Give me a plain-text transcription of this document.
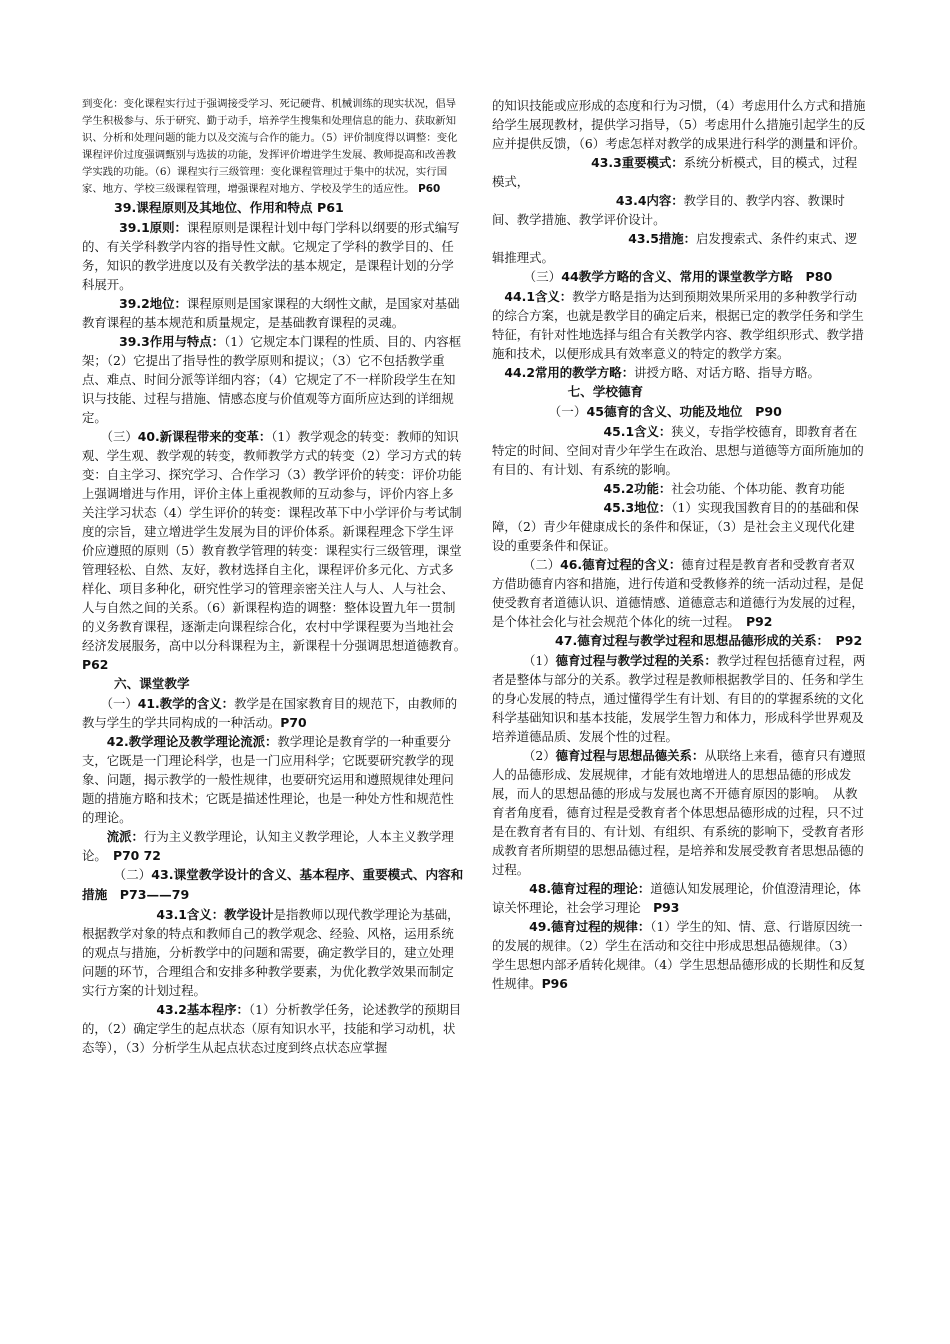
到变化：变化课程实行过于强调接受学习、死记硬背、机械训练的现实状况，倡导学生积极参与、乐于研究、勤于动手，培养学生搜集和处理信息的能力、获取新知识、分析和处理问题的能力以及交流与合作的能力。（5）评价制度得以调整：变化课程评价过度强调甄别与选拔的功能，发挥评价增进学生发展、教师提高和改善教学实践的功能。（6）课程实行三级管理：变化课程管理过于集中的状况，实行国家、地方、学校三级课程管理，增强课程对地方、学校及学生的适应性。 P60

39.课程原则及其地位、作用和特点 P61

　　　39.1原则：课程原则是课程计划中每门学科以纲要的形式编写的、有关学科教学内容的指导性文献。它规定了学科的教学目的、任务，知识的教学进度以及有关教学法的基本规定，是课程计划的分学科展开。

　　　39.2地位：课程原则是国家课程的大纲性文献，是国家对基础教育课程的基本规范和质量规定，是基础教育课程的灵魂。

　　　39.3作用与特点：（1）它规定本门课程的性质、目的、内容框架；（2）它提出了指导性的教学原则和提议；（3）它不包括教学重点、难点、时间分派等详细内容；（4）它规定了不一样阶段学生在知识与技能、过程与措施、情感态度与价值观等方面所应达到的详细规定。

　　（三）40.新课程带来的变革：（1）教学观念的转变：教师的知识观、学生观、教学观的转变，教师教学方式的转变（2）学习方式的转变：自主学习、探究学习、合作学习（3）教学评价的转变：评价功能上强调增进与作用，评价主体上重视教师的互动参与，评价内容上多关注学习状态（4）学生评价的转变：课程改革下中小学评价与考试制度的宗旨，建立增进学生发展为目的评价体系。新课程理念下学生评价应遵照的原则（5）教育教学管理的转变：课程实行三级管理，课堂管理轻松、自然、友好，教材选择自主化，课程评价多元化、方式多样化、项目多种化，研究性学习的管理亲密关注人与人、人与社会、人与自然之间的关系。（6）新课程构造的调整：整体设置九年一贯制的义务教育课程，逐渐走向课程综合化，农村中学课程要为当地社会经济发展服务，高中以分科课程为主，新课程十分强调思想道德教育。　P62

六、课堂教学

　　（一）41.教学的含义：教学是在国家教育目的规范下，由教师的教与学生的学共同构成的一种活动。P70

　　42.教学理论及教学理论流派：教学理论是教育学的一种重要分支，它既是一门理论科学，也是一门应用科学；它既要研究教学的现象、问题，揭示教学的一般性规律，也要研究运用和遵照规律处理问题的措施方略和技术；它既是描述性理论，也是一种处方性和规范性的理论。

　　流派：行为主义教学理论，认知主义教学理论，人本主义教学理论。　P70 72

　　　（二）43.课堂教学设计的含义、基本程序、重要模式、内容和措施　P73——79

　　　　　　43.1含义：教学设计是指教师以现代教学理论为基础，根据教学对象的特点和教师自己的教学观念、经验、风格，运用系统的观点与措施，分析教学中的问题和需要，确定教学目的，建立处理问题的环节，合理组合和安排多种教学要素，为优化教学效果而制定实行方案的计划过程。

　　　　　　43.2基本程序：（1）分析教学任务，论述教学的预期目的，（2）确定学生的起点状态（原有知识水平，技能和学习动机，状态等），（3）分析学生从起点状态过度到终点状态应掌握

的知识技能或应形成的态度和行为习惯，（4）考虑用什么方式和措施给学生展现教材，提供学习指导，（5）考虑用什么措施引起学生的反应并提供反馈，（6）考虑怎样对教学的成果进行科学的测量和评价。

　　　　　　　　43.3重要模式：系统分析模式，目的模式，过程模式，

　　　　　　　　　　43.4内容：教学目的、教学内容、教课时间、教学措施、教学评价设计。

　　　　　　　　　　　43.5措施：启发搜索式、条件约束式、逻辑推理式。

　　　（三）44教学方略的含义、常用的课堂教学方略　P80

　44.1含义：教学方略是指为达到预期效果所采用的多种教学行动的综合方案，也就是教学目的确定后来，根据已定的教学任务和学生特征，有针对性地选择与组合有关教学内容、教学组织形式、教学措施和技术，以便形成具有效率意义的特定的教学方案。

　44.2常用的教学方略：讲授方略、对话方略、指导方略。

　　　　　　七、学校德育

　　　　　（一）45德育的含义、功能及地位　P90

　　　　　　　　　45.1含义：狭义，专指学校德育，即教育者在特定的时间、空间对青少年学生在政治、思想与道德等方面所施加的有目的、有计划、有系统的影响。

　　　　　　　　　45.2功能：社会功能、个体功能、教育功能

　　　　　　　　　45.3地位：（1）实现我国教育目的的基础和保障，（2）青少年健康成长的条件和保证，（3）是社会主义现代化建设的重要条件和保证。

　　　（二）46.德育过程的含义：德育过程是教育者和受教育者双方借助德育内容和措施，进行传道和受教修养的统一活动过程，是促使受教育者道德认识、道德情感、道德意志和道德行为发展的过程，是个体社会化与社会规范个体化的统一过程。　P92

　　　　　47.德育过程与教学过程和思想品德形成的关系：　P92

　　　（1）德育过程与教学过程的关系：教学过程包括德育过程，两者是整体与部分的关系。教学过程是教师根据教学目的、任务和学生的身心发展的特点，通过懂得学生有计划、有目的的掌握系统的文化科学基础知识和基本技能，发展学生智力和体力，形成科学世界观及培养道德品质、发展个性的过程。

　　　（2）德育过程与思想品德关系：从联络上来看，德育只有遵照人的品德形成、发展规律，才能有效地增进人的思想品德的形成发展，而人的思想品德的形成与发展也离不开德育原因的影响。　从教育者角度看，德育过程是受教育者个体思想品德形成的过程，只不过是在教育者有目的、有计划、有组织、有系统的影响下，受教育者形成教育者所期望的思想品德过程，是培养和发展受教育者思想品德的过程。

　　　48.德育过程的理论：道德认知发展理论，价值澄清理论，体谅关怀理论，社会学习理论　P93

　　　49.德育过程的规律：（1）学生的知、情、意、行谐原因统一的发展的规律。（2）学生在活动和交往中形成思想品德规律。（3）学生思想内部矛盾转化规律。（4）学生思想品德形成的长期性和反复性规律。P96
